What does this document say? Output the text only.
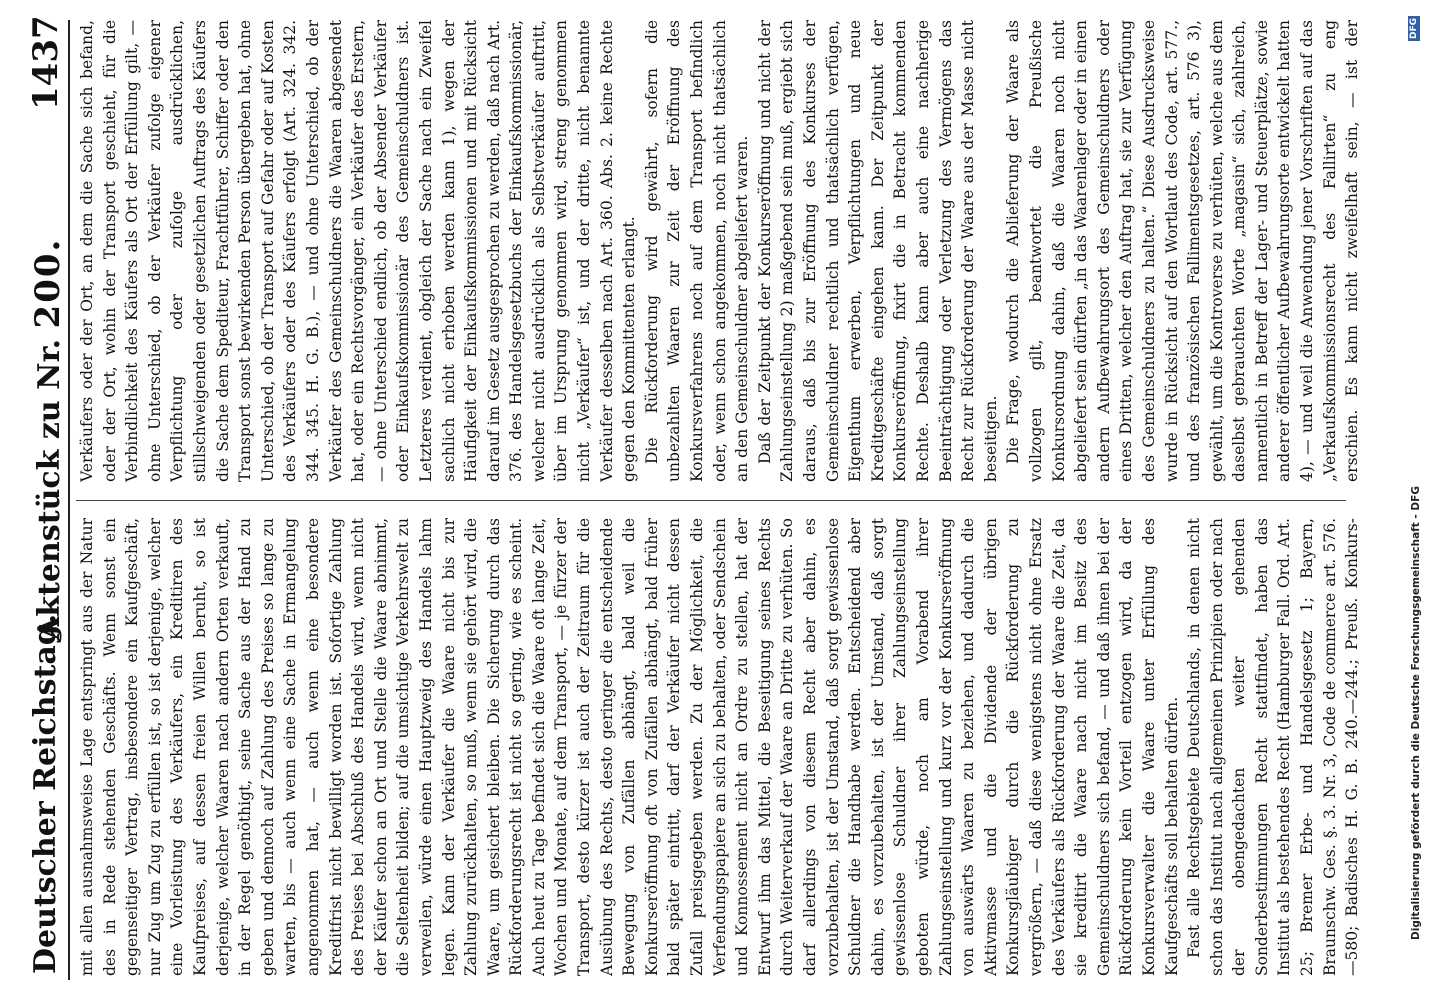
Deutscher Reichstag.
Aktenstück zu Nr. 200.
1437

mit allen ausnahmsweise Lage entspringt aus der Natur des in Rede stehenden Geschäfts. Wenn sonst ein gegenseitiger Vertrag, insbesondere ein Kaufgeschäft, nur Zug um Zug zu erfüllen ist, so ist derjenige, welcher eine Vorleistung des Verkäufers, ein Kreditiren des Kaufpreises, auf dessen freien Willen beruht, so ist derjenige, welcher Waaren nach andern Orten verkauft, in der Regel genöthigt, seine Sache aus der Hand zu geben und dennoch auf Zahlung des Preises so lange zu warten, bis — auch wenn eine Sache in Ermangelung angenommen hat, — auch wenn eine besondere Kreditfrist nicht bewilligt worden ist. Sofortige Zahlung des Preises bei Abschluß des Handels wird, wenn nicht der Käufer schon an Ort und Stelle die Waare abnimmt, die Seltenheit bilden; auf die umsichtige Verkehrswelt zu verweilen, würde einen Hauptzweig des Handels lahm legen. Kann der Verkäufer die Waare nicht bis zur Zahlung zurückhalten, so muß, wenn sie gehört wird, die Waare, um gesichert bleiben. Die Sicherung durch das Rückforderungsrecht ist nicht so gering, wie es scheint. Auch heut zu Tage befindet sich die Waare oft lange Zeit, Wochen und Monate, auf dem Transport, — je fürzer der Transport, desto kürzer ist auch der Zeitraum für die Ausübung des Rechts, desto geringer die entscheidende Bewegung von Zufällen abhängt, bald weil die Konkurseröffnung oft von Zufällen abhängt, bald früher bald später eintritt, darf der Verkäufer nicht dessen Zufall preisgegeben werden. Zu der Möglichkeit, die Verfendungspapiere an sich zu behalten, oder Sendschein und Konnossement nicht an Ordre zu stellen, hat der Entwurf ihm das Mittel, die Beseitigung seines Rechts durch Weiterverkauf der Waare an Dritte zu verhüten. So darf allerdings von diesem Recht aber dahin, es vorzubehalten, ist der Umstand, daß sorgt gewissenlose Schuldner die Handhabe werden. Entscheidend aber dahin, es vorzubehalten, ist der Umstand, daß sorgt gewissenlose Schuldner ihrer Zahlungseinstellung geboten würde, noch am Vorabend ihrer Zahlungseinstellung und kurz vor der Konkurseröffnung von auswärts Waaren zu beziehen, und dadurch die Aktivmasse und die Dividende der übrigen Konkursgläubiger durch die Rückforderung zu vergrößern, — daß diese wenigstens nicht ohne Ersatz des Verkäufers als Rückforderung der Waare die Zeit, da sie kreditirt die Waare nach nicht im Besitz des Gemeinschuldners sich befand, — und daß ihnen bei der Rückforderung kein Vorteil entzogen wird, da der Konkursverwalter die Waare unter Erfüllung des Kaufgeschäfts soll behalten dürfen. Fast alle Rechtsgebiete Deutschlands, in denen nicht schon das Institut nach allgemeinen Prinzipien oder nach der obengedachten weiter gehenden Sonderbestimmungen Recht stattfindet, haben das Institut als bestehendes Recht (Hamburger Fall. Ord. Art. 25; Bremer Erbe- und Handelsgesetz 1; Bayern, Braunschw. Ges. §. 3. Nr. 3, Code de commerce art. 576.—580; Badisches H. G. B. 240.—244.; Preuß. Konkurs-

Verkäufers oder der Ort, an dem die Sache sich befand, oder der Ort, wohin der Transport geschieht, für die Verbindlichkeit des Käufers als Ort der Erfüllung gilt, — ohne Unterschied, ob der Verkäufer zufolge eigener Verpflichtung oder zufolge ausdrücklichen, stillschweigenden oder gesetzlichen Auftrags des Käufers die Sache dem Spediteur, Frachtführer, Schiffer oder den Transport sonst bewirkenden Person übergeben hat, ohne Unterschied, ob der Transport auf Gefahr oder auf Kosten des Verkäufers oder des Käufers erfolgt (Art. 324. 342. 344. 345. H. G. B.), — und ohne Unterschied, ob der Verkäufer des Gemeinschuldners die Waaren abgesendet hat, oder ein Rechtsvorgänger, ein Verkäufer des Erstern, — ohne Unterschied endlich, ob der Absender Verkäufer oder Einkaufskommissionär des Gemeinschuldners ist. Letzteres verdient, obgleich der Sache nach ein Zweifel sachlich nicht erhoben werden kann 1), wegen der Häufigkeit der Einkaufskommissionen und mit Rücksicht darauf im Gesetz ausgesprochen zu werden, daß nach Art. 376. des Handelsgesetzbuchs der Einkaufskommissionär, welcher nicht ausdrücklich als Selbstverkäufer auftritt, über im Ursprung genommen wird, streng genommen nicht „Verkäufer“ ist, und der dritte, nicht benannte Verkäufer desselben nach Art. 360. Abs. 2. keine Rechte gegen den Kommittenten erlangt. Die Rückforderung wird gewährt, sofern die unbezahlten Waaren zur Zeit der Eröffnung des Konkursverfahrens noch auf dem Transport befindlich oder, wenn schon angekommen, noch nicht thatsächlich an den Gemeinschuldner abgeliefert waren. Daß der Zeitpunkt der Konkurseröffnung und nicht der Zahlungseinstellung 2) maßgebend sein muß, ergiebt sich daraus, daß bis zur Eröffnung des Konkurses der Gemeinschuldner rechtlich und thatsächlich verfügen, Eigenthum erwerben, Verpflichtungen und neue Kreditgeschäfte eingehen kann. Der Zeitpunkt der Konkurseröffnung, fixirt die in Betracht kommenden Rechte. Deshalb kann aber auch eine nachherige Beeinträchtigung oder Verletzung des Vermögens das Recht zur Rückforderung der Waare aus der Masse nicht beseitigen. Die Frage, wodurch die Ablieferung der Waare als vollzogen gilt, beantwortet die Preußische Konkursordnung dahin, daß die Waaren noch nicht abgeliefert sein dürften „in das Waarenlager oder in einen andern Aufbewahrungsort des Gemeinschuldners oder eines Dritten, welcher den Auftrag hat, sie zur Verfügung des Gemeinschuldners zu halten.“ Diese Ausdrucksweise wurde in Rücksicht auf den Wortlaut des Code, art. 577., und des französischen Fallimentsgesetzes, art. 576 3), gewählt, um die Kontroverse zu verhüten, welche aus dem daselbst gebrauchten Worte „magasin“ sich, zahlreich, namentlich in Betreff der Lager- und Steuerplätze, sowie anderer öffentlicher Aufbewahrungsorte entwickelt hatten 4), — und weil die Anwendung jener Vorschriften auf das „Verkaufskommissionsrecht des Fallirten“ zu eng erschien. Es kann nicht zweifelhaft sein, — ist der

Digitalisierung gefördert durch die Deutsche Forschungsgemeinschaft - DFG
DFG
